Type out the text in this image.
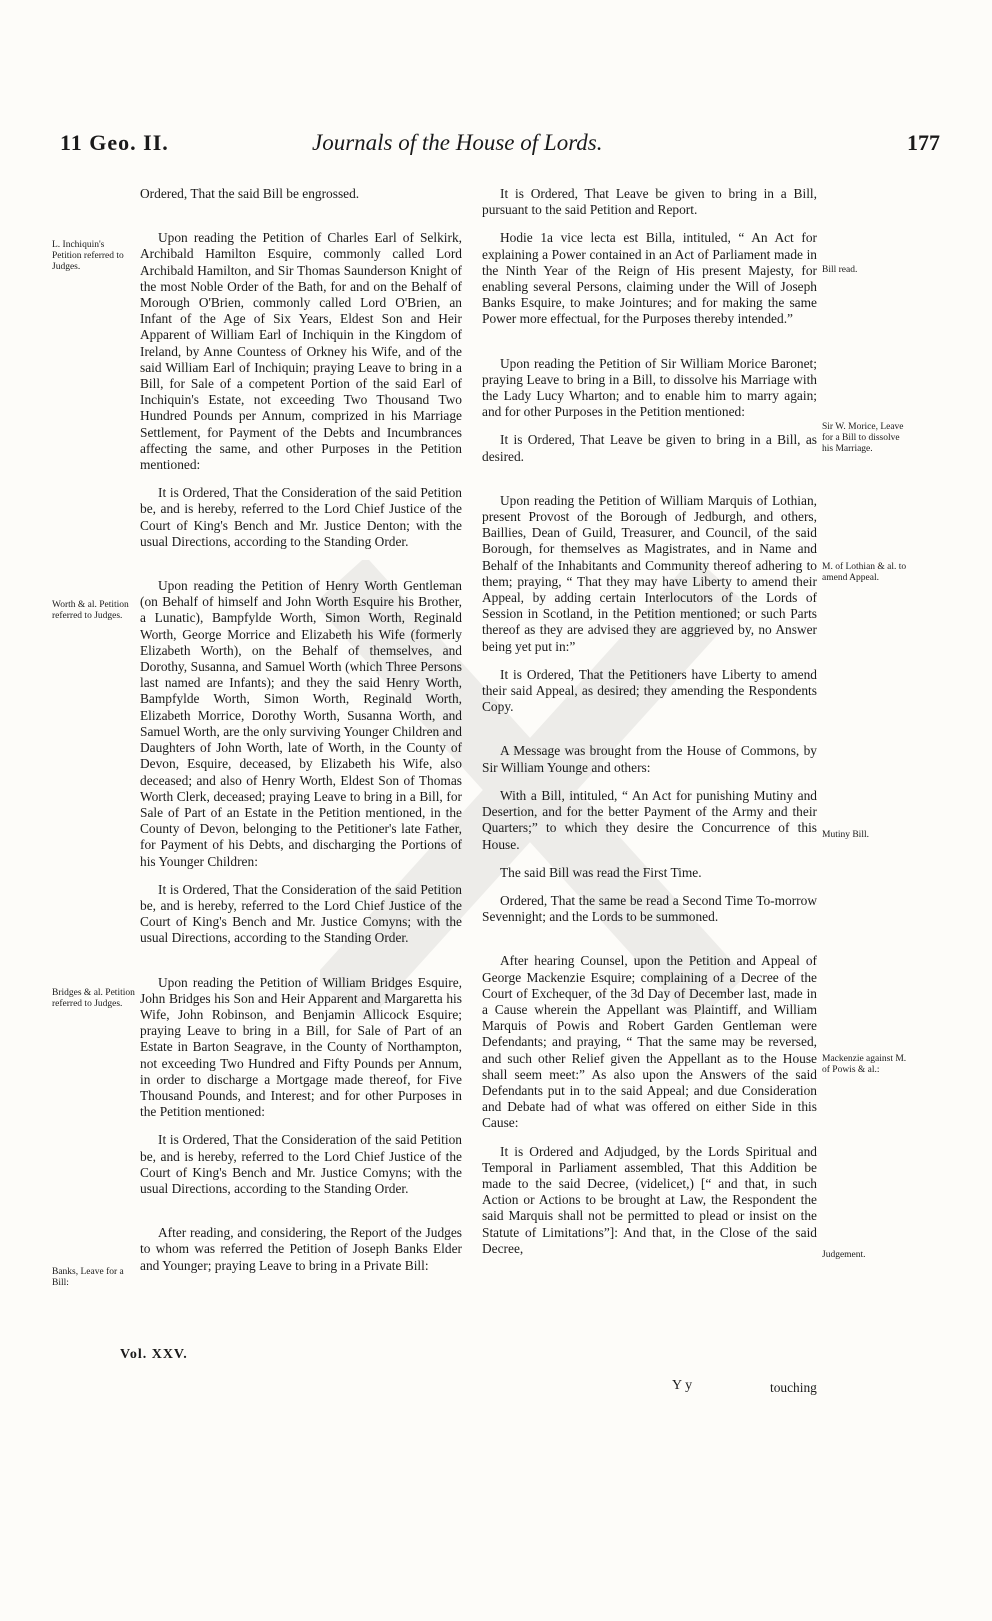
11 Geo. II.	Journals of the House of Lords.	177
L. Inchiquin's Petition referred to Judges.
Worth & al. Petition referred to Judges.
Bridges & al. Petition referred to Judges.
Banks, Leave for a Bill:
Bill read.
Sir W. Morice, Leave for a Bill to dissolve his Marriage.
M. of Lothian & al. to amend Appeal.
Mutiny Bill.
Mackenzie against M. of Powis & al.:
Judgement.

Ordered, That the said Bill be engrossed.

Upon reading the Petition of Charles Earl of Selkirk, Archibald Hamilton Esquire, commonly called Lord Archibald Hamilton, and Sir Thomas Saunderson Knight of the most Noble Order of the Bath, for and on the Behalf of Morough O'Brien, commonly called Lord O'Brien, an Infant of the Age of Six Years, Eldest Son and Heir Apparent of William Earl of Inchiquin in the Kingdom of Ireland, by Anne Countess of Orkney his Wife, and of the said William Earl of Inchiquin; praying Leave to bring in a Bill, for Sale of a competent Portion of the said Earl of Inchiquin's Estate, not exceeding Two Thousand Two Hundred Pounds per Annum, comprized in his Marriage Settlement, for Payment of the Debts and Incumbrances affecting the same, and other Purposes in the Petition mentioned:

It is Ordered, That the Consideration of the said Petition be, and is hereby, referred to the Lord Chief Justice of the Court of King's Bench and Mr. Justice Denton; with the usual Directions, according to the Standing Order.

Upon reading the Petition of Henry Worth Gentleman (on Behalf of himself and John Worth Esquire his Brother, a Lunatic), Bampfylde Worth, Simon Worth, Reginald Worth, George Morrice and Elizabeth his Wife (formerly Elizabeth Worth), on the Behalf of themselves, and Dorothy, Susanna, and Samuel Worth (which Three Persons last named are Infants); and they the said Henry Worth, Bampfylde Worth, Simon Worth, Reginald Worth, Elizabeth Morrice, Dorothy Worth, Susanna Worth, and Samuel Worth, are the only surviving Younger Children and Daughters of John Worth, late of Worth, in the County of Devon, Esquire, deceased, by Elizabeth his Wife, also deceased; and also of Henry Worth, Eldest Son of Thomas Worth Clerk, deceased; praying Leave to bring in a Bill, for Sale of Part of an Estate in the Petition mentioned, in the County of Devon, belonging to the Petitioner's late Father, for Payment of his Debts, and discharging the Portions of his Younger Children:

It is Ordered, That the Consideration of the said Petition be, and is hereby, referred to the Lord Chief Justice of the Court of King's Bench and Mr. Justice Comyns; with the usual Directions, according to the Standing Order.

Upon reading the Petition of William Bridges Esquire, John Bridges his Son and Heir Apparent and Margaretta his Wife, John Robinson, and Benjamin Allicock Esquire; praying Leave to bring in a Bill, for Sale of Part of an Estate in Barton Seagrave, in the County of Northampton, not exceeding Two Hundred and Fifty Pounds per Annum, in order to discharge a Mortgage made thereof, for Five Thousand Pounds, and Interest; and for other Purposes in the Petition mentioned:

It is Ordered, That the Consideration of the said Petition be, and is hereby, referred to the Lord Chief Justice of the Court of King's Bench and Mr. Justice Comyns; with the usual Directions, according to the Standing Order.

After reading, and considering, the Report of the Judges to whom was referred the Petition of Joseph Banks Elder and Younger; praying Leave to bring in a Private Bill:

It is Ordered, That Leave be given to bring in a Bill, pursuant to the said Petition and Report.

Hodie 1a vice lecta est Billa, intituled, “ An Act for explaining a Power contained in an Act of Parliament made in the Ninth Year of the Reign of His present Majesty, for enabling several Persons, claiming under the Will of Joseph Banks Esquire, to make Jointures; and for making the same Power more effectual, for the Purposes thereby intended.”

Upon reading the Petition of Sir William Morice Baronet; praying Leave to bring in a Bill, to dissolve his Marriage with the Lady Lucy Wharton; and to enable him to marry again; and for other Purposes in the Petition mentioned:

It is Ordered, That Leave be given to bring in a Bill, as desired.

Upon reading the Petition of William Marquis of Lothian, present Provost of the Borough of Jedburgh, and others, Baillies, Dean of Guild, Treasurer, and Council, of the said Borough, for themselves as Magistrates, and in Name and Behalf of the Inhabitants and Community thereof adhering to them; praying, “ That they may have Liberty to amend their Appeal, by adding certain Interlocutors of the Lords of Session in Scotland, in the Petition mentioned; or such Parts thereof as they are advised they are aggrieved by, no Answer being yet put in:”

It is Ordered, That the Petitioners have Liberty to amend their said Appeal, as desired; they amending the Respondents Copy.

A Message was brought from the House of Commons, by Sir William Younge and others:

With a Bill, intituled, “ An Act for punishing Mutiny and Desertion, and for the better Payment of the Army and their Quarters;” to which they desire the Concurrence of this House.

The said Bill was read the First Time.

Ordered, That the same be read a Second Time To-morrow Sevennight; and the Lords to be summoned.

After hearing Counsel, upon the Petition and Appeal of George Mackenzie Esquire; complaining of a Decree of the Court of Exchequer, of the 3d Day of December last, made in a Cause wherein the Appellant was Plaintiff, and William Marquis of Powis and Robert Garden Gentleman were Defendants; and praying, “ That the same may be reversed, and such other Relief given the Appellant as to the House shall seem meet:” As also upon the Answers of the said Defendants put in to the said Appeal; and due Consideration and Debate had of what was offered on either Side in this Cause:

It is Ordered and Adjudged, by the Lords Spiritual and Temporal in Parliament assembled, That this Addition be made to the said Decree, (videlicet,) [“ and that, in such Action or Actions to be brought at Law, the Respondent the said Marquis shall not be permitted to plead or insist on the Statute of Limitations”]: And that, in the Close of the said Decree,

Vol. XXV.
Y y	touching
